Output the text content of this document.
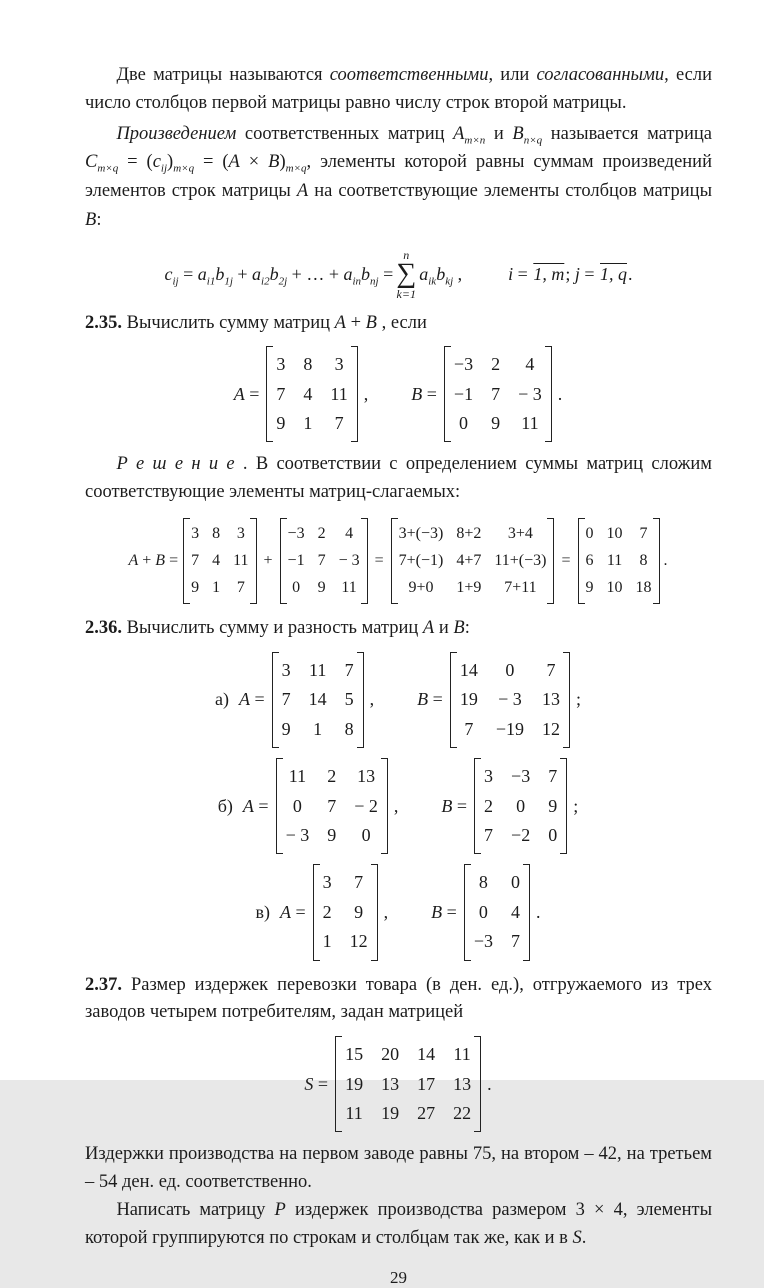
Две матрицы называются соответственными, или согласованными, если число столбцов первой матрицы равно числу строк второй матрицы.

Произведением соответственных матриц $A_{m\times n}$ и $B_{n\times q}$ называется матрица $C_{m\times q} = (c_{ij})_{m\times q} = (A \times B)_{m\times q}$, элементы которой равны суммам произведений элементов строк матрицы A на соответствующие элементы столбцов матрицы B:

$c_{ij} = a_{i1}b_{1j} + a_{i2}b_{2j}$ + … + $a_{in}b_{nj}$ =
n
∑
k=1
$a_{ik}b_{kj}$ ,	i = 1, m; j = 1, q.

2.35. Вычислить сумму матриц A + B , если

A =
3 8 3
7 4 11
9 1 7
, B =
−3 2	4
−1 7 − 3
0	9 11
.

Р е ш е н и е . В соответствии с определением суммы матриц сложим соответствующие элементы матриц-слагаемых:

A + B =
3 8 3
7 4 11
9 1 7
+
−3 2	4
−1 7 − 3
0	9 11
=
3+(−3) 8+2	3+4
7+(−1) 4+7 11+(−3)
9+0	1+9	7+11
=
0 10	7
6 11	8
9 10 18
.

2.36. Вычислить сумму и разность матриц A и B:

а) A =
3 11 7
7 14 5
9	1	8
, B =
14	0	7
19 − 3 13
7	−19 12
;
б) A =
11 2 13
0	7 − 2
− 3 9	0
, B =
3 −3 7
2	0	9
7 −2 0
;
в) A =
3	7
2	9
1 12
, B =
8	0
0	4
−3 7
.

2.37. Размер издержек перевозки товара (в ден. ед.), отгружаемого из трех заводов четырем потребителям, задан матрицей

S =
15 20 14 11
19 13 17 13
11 19 27 22
.

Издержки производства на первом заводе равны 75, на втором – 42, на третьем – 54 ден. ед. соответственно.

Написать матрицу P издержек производства размером 3 × 4, элементы которой группируются по строкам и столбцам так же, как и в S.

29
